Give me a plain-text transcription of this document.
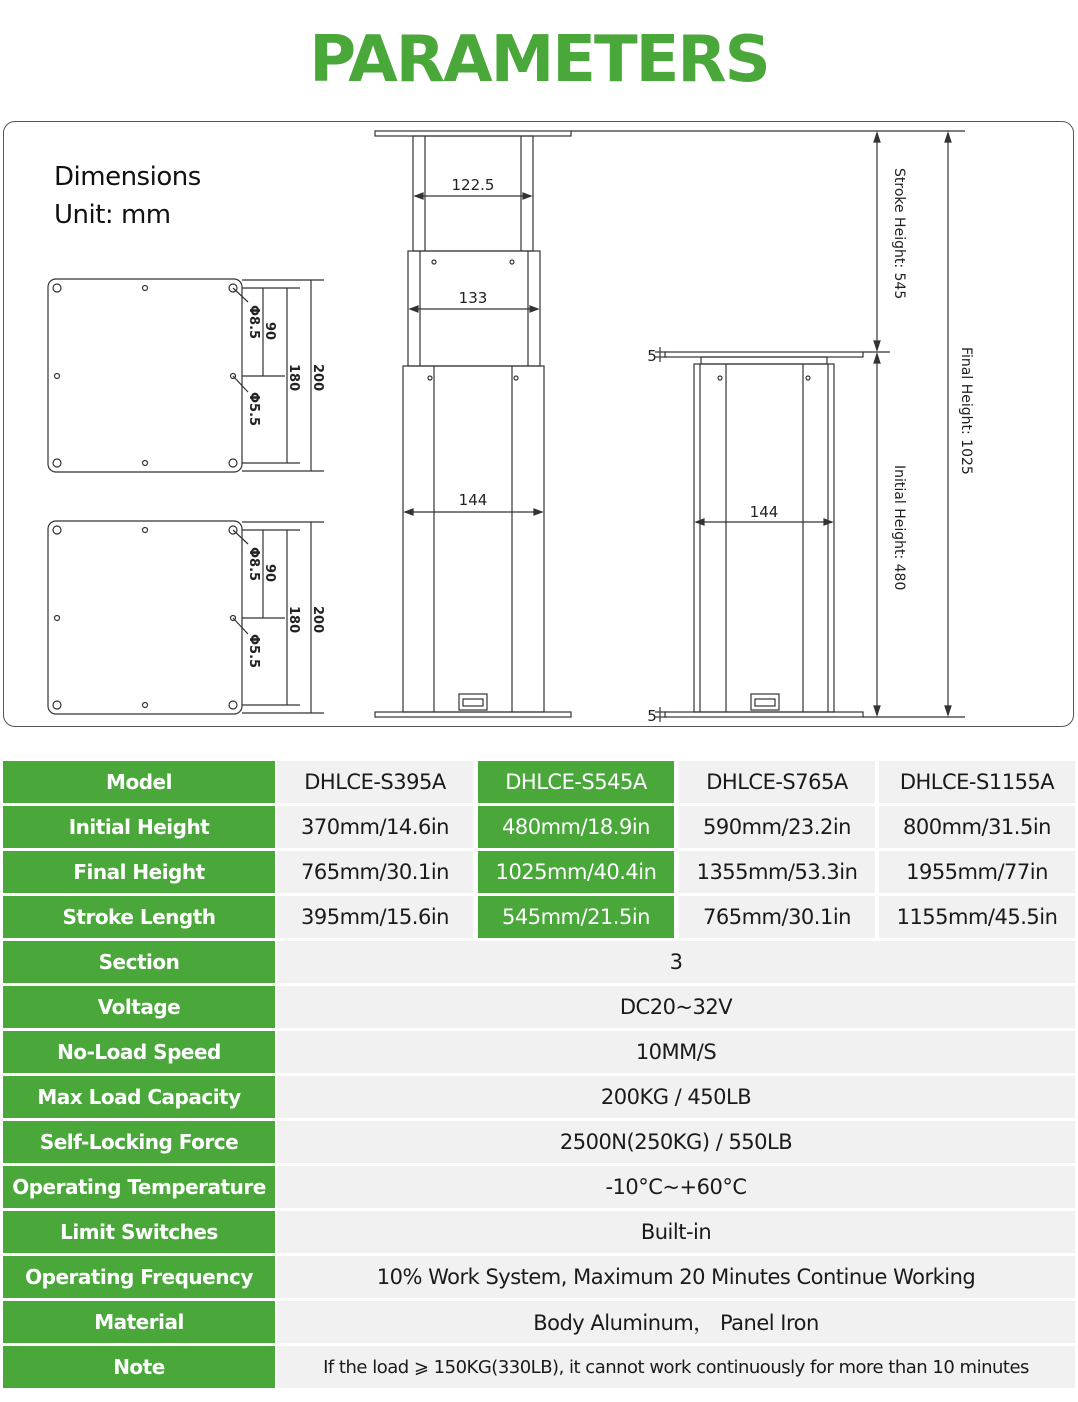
PARAMETERS
Dimensions
Unit: mm
Φ8.5 90
Φ5.5
180 200
Φ8.5 90
Φ5.5
180 200
122.5
133
144
144
5
5
Stroke Height: 545
Initial Height: 480
Final Height: 1025
Model	DHLCE-S395A	DHLCE-S545A	DHLCE-S765A	DHLCE-S1155A
Initial Height	370mm/14.6in	480mm/18.9in	590mm/23.2in	800mm/31.5in
Final Height	765mm/30.1in	1025mm/40.4in	1355mm/53.3in	1955mm/77in
Stroke Length	395mm/15.6in	545mm/21.5in	765mm/30.1in	1155mm/45.5in
Section	3
Voltage	DC20~32V
No-Load Speed	10MM/S
Max Load Capacity	200KG / 450LB
Self-Locking Force	2500N(250KG) / 550LB
Operating Temperature	-10°C~+60°C
Limit Switches	Built-in
Operating Frequency	10% Work System, Maximum 20 Minutes Continue Working
Material	Body Aluminum， Panel Iron
Note	If the load ⩾ 150KG(330LB), it cannot work continuously for more than 10 minutes
